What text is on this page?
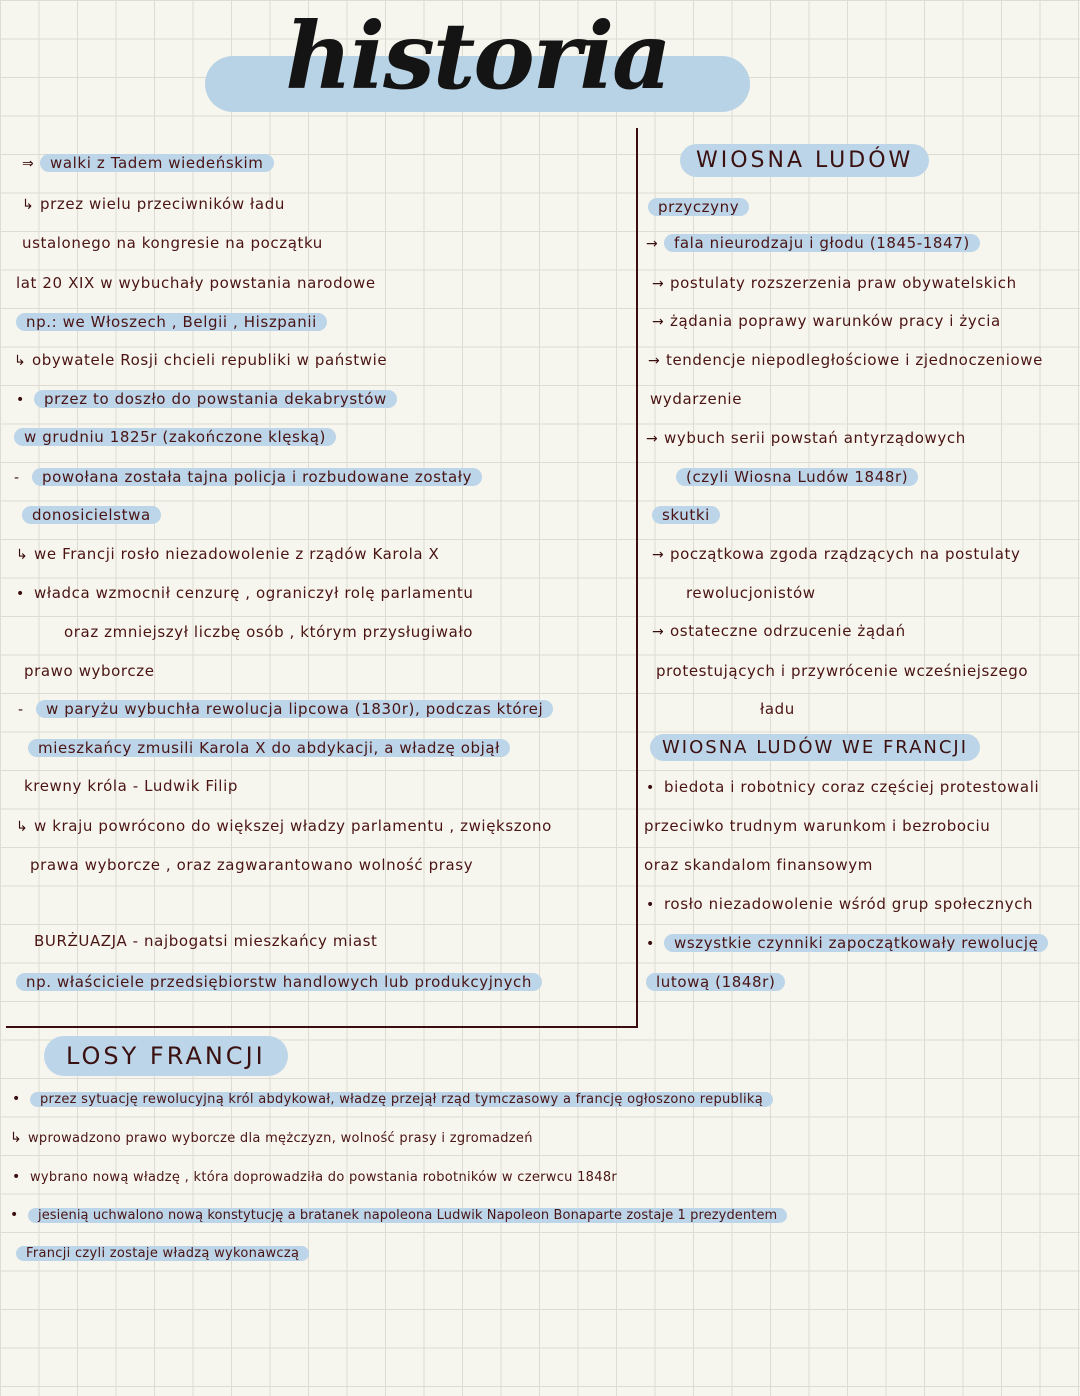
historia
⇒ walki z Tadem wiedeńskim
↳ przez wielu przeciwników ładu
ustalonego na kongresie na początku
lat 20 XIX w wybuchały powstania narodowe
np.: we Włoszech , Belgii , Hiszpanii
↳ obywatele Rosji chcieli republiki w państwie
• przez to doszło do powstania dekabrystów
w grudniu 1825r (zakończone klęską)
- powołana została tajna policja i rozbudowane zostały
donosicielstwa
↳ we Francji rosło niezadowolenie z rządów Karola X
• władca wzmocnił cenzurę , ograniczył rolę parlamentu
oraz zmniejszył liczbę osób , którym przysługiwało
prawo wyborcze
- w paryżu wybuchła rewolucja lipcowa (1830r), podczas której
mieszkańcy zmusili Karola X do abdykacji, a władzę objął
krewny króla - Ludwik Filip
↳ w kraju powrócono do większej władzy parlamentu , zwiększono
prawa wyborcze , oraz zagwarantowano wolność prasy
BURŻUAZJA - najbogatsi mieszkańcy miast
np. właściciele przedsiębiorstw handlowych lub produkcyjnych
WIOSNA LUDÓW
przyczyny
→ fala nieurodzaju i głodu (1845-1847)
→ postulaty rozszerzenia praw obywatelskich
→ żądania poprawy warunków pracy i życia
→ tendencje niepodległościowe i zjednoczeniowe
wydarzenie
→ wybuch serii powstań antyrządowych
(czyli Wiosna Ludów 1848r)
skutki
→ początkowa zgoda rządzących na postulaty
rewolucjonistów
→ ostateczne odrzucenie żądań
protestujących i przywrócenie wcześniejszego
ładu
WIOSNA LUDÓW WE FRANCJI
• biedota i robotnicy coraz częściej protestowali
przeciwko trudnym warunkom i bezrobociu
oraz skandalom finansowym
• rosło niezadowolenie wśród grup społecznych
• wszystkie czynniki zapoczątkowały rewolucję
lutową (1848r)
LOSY FRANCJI
• przez sytuację rewolucyjną król abdykował, władzę przejął rząd tymczasowy a francję ogłoszono republiką
↳ wprowadzono prawo wyborcze dla mężczyzn, wolność prasy i zgromadzeń
• wybrano nową władzę , która doprowadziła do powstania robotników w czerwcu 1848r
• jesienią uchwalono nową konstytucję a bratanek napoleona Ludwik Napoleon Bonaparte zostaje 1 prezydentem
Francji czyli zostaje władzą wykonawczą
